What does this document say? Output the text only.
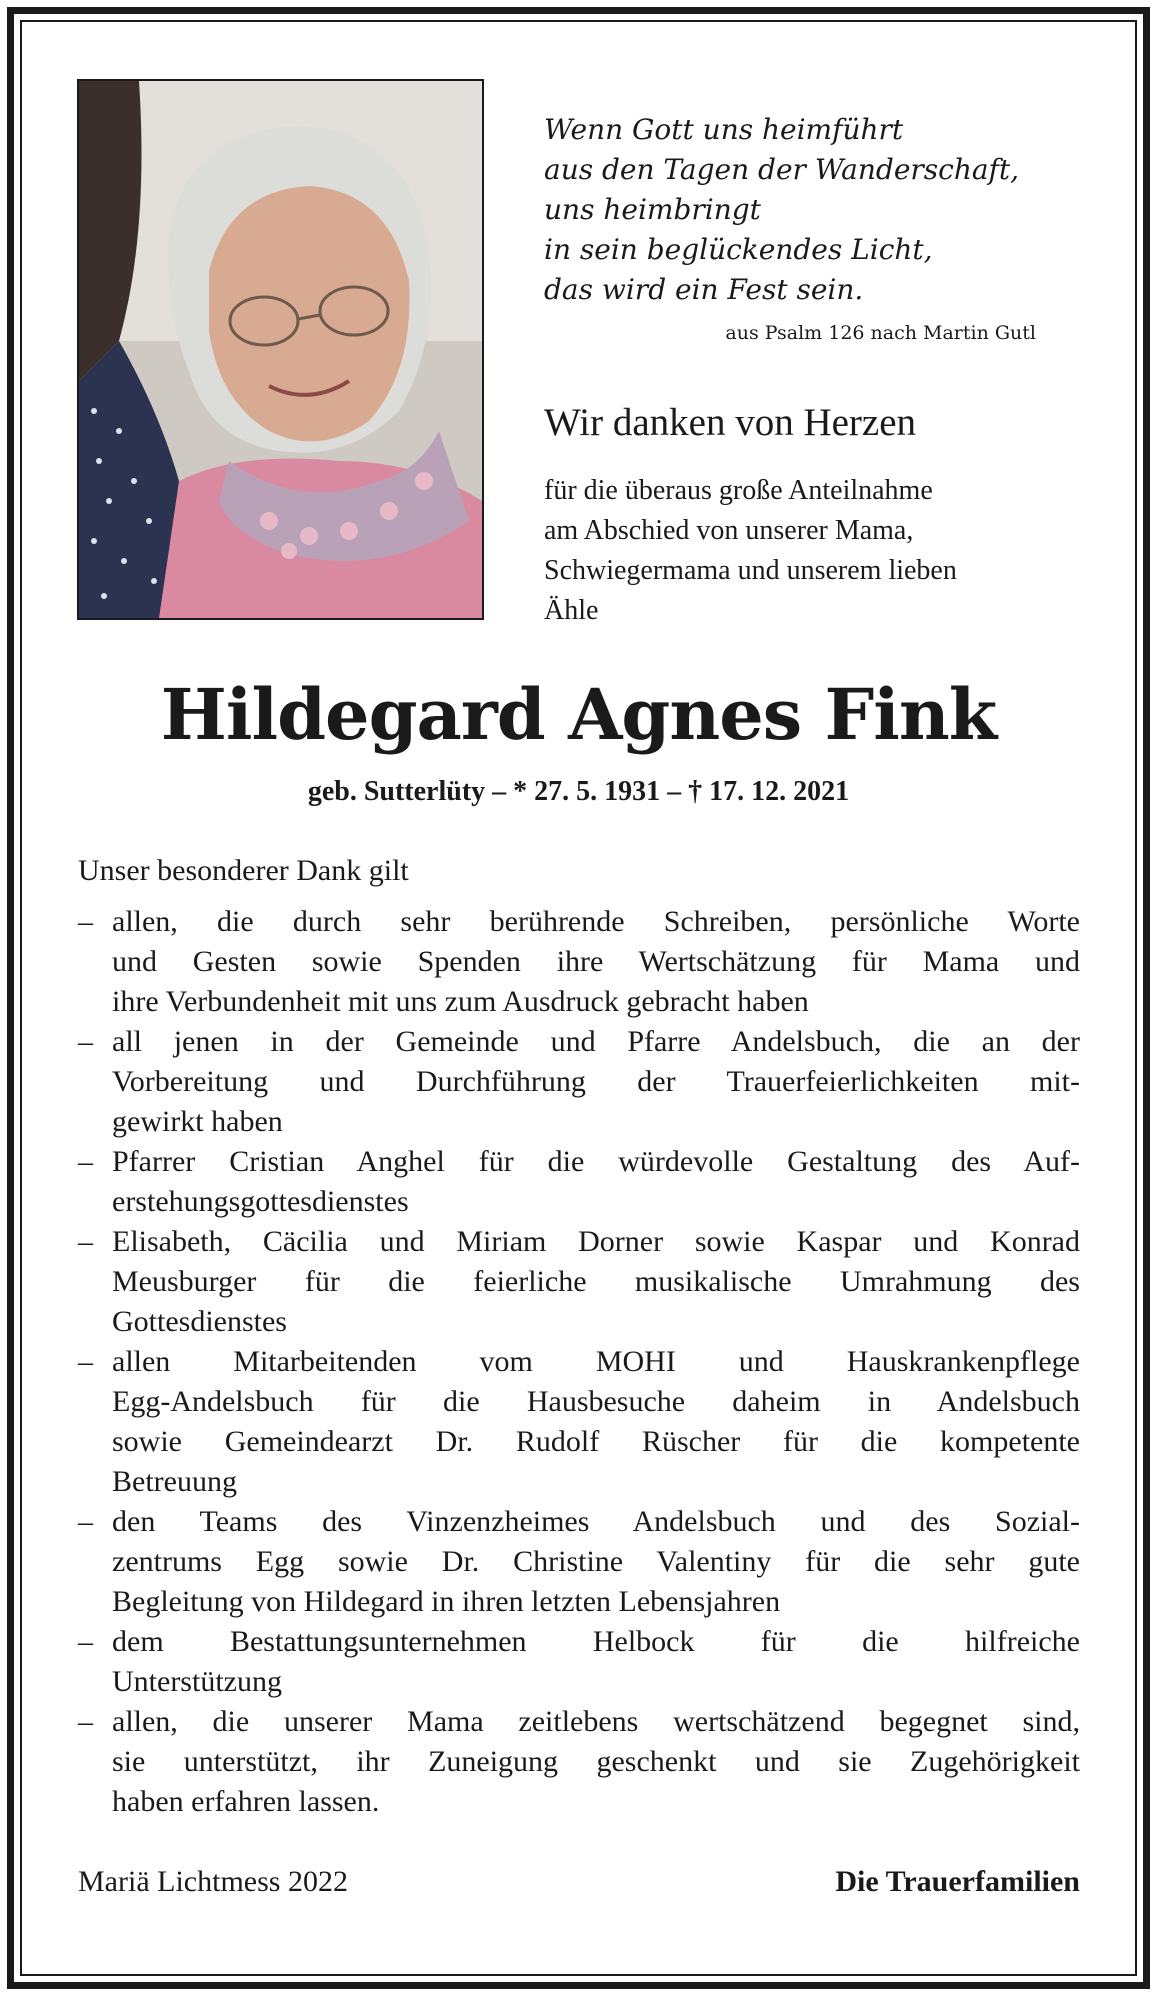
Wenn Gott uns heimführt
aus den Tagen der Wanderschaft,
uns heimbringt
in sein beglückendes Licht,
das wird ein Fest sein.
aus Psalm 126 nach Martin Gutl
Wir danken von Herzen
für die überaus große Anteilnahme
am Abschied von unserer Mama,
Schwiegermama und unserem lieben
Ähle
Hildegard Agnes Fink
geb. Sutterlüty – * 27. 5. 1931 – † 17. 12. 2021
Unser besonderer Dank gilt
– allen, die durch sehr berührende Schreiben, persönliche Worte
und Gesten sowie Spenden ihre Wertschätzung für Mama und
ihre Verbundenheit mit uns zum Ausdruck gebracht haben
– all jenen in der Gemeinde und Pfarre Andelsbuch, die an der
Vorbereitung und Durchführung der Trauerfeierlichkeiten mit-
gewirkt haben
– Pfarrer Cristian Anghel für die würdevolle Gestaltung des Auf-
erstehungsgottesdienstes
– Elisabeth, Cäcilia und Miriam Dorner sowie Kaspar und Konrad
Meusburger für die feierliche musikalische Umrahmung des
Gottesdienstes
– allen Mitarbeitenden vom MOHI und Hauskrankenpflege
Egg-Andelsbuch für die Hausbesuche daheim in Andelsbuch
sowie Gemeindearzt Dr. Rudolf Rüscher für die kompetente
Betreuung
– den Teams des Vinzenzheimes Andelsbuch und des Sozial-
zentrums Egg sowie Dr. Christine Valentiny für die sehr gute
Begleitung von Hildegard in ihren letzten Lebensjahren
– dem Bestattungsunternehmen Helbock für die hilfreiche
Unterstützung
– allen, die unserer Mama zeitlebens wertschätzend begegnet sind,
sie unterstützt, ihr Zuneigung geschenkt und sie Zugehörigkeit
haben erfahren lassen.
Mariä Lichtmess 2022	Die Trauerfamilien
